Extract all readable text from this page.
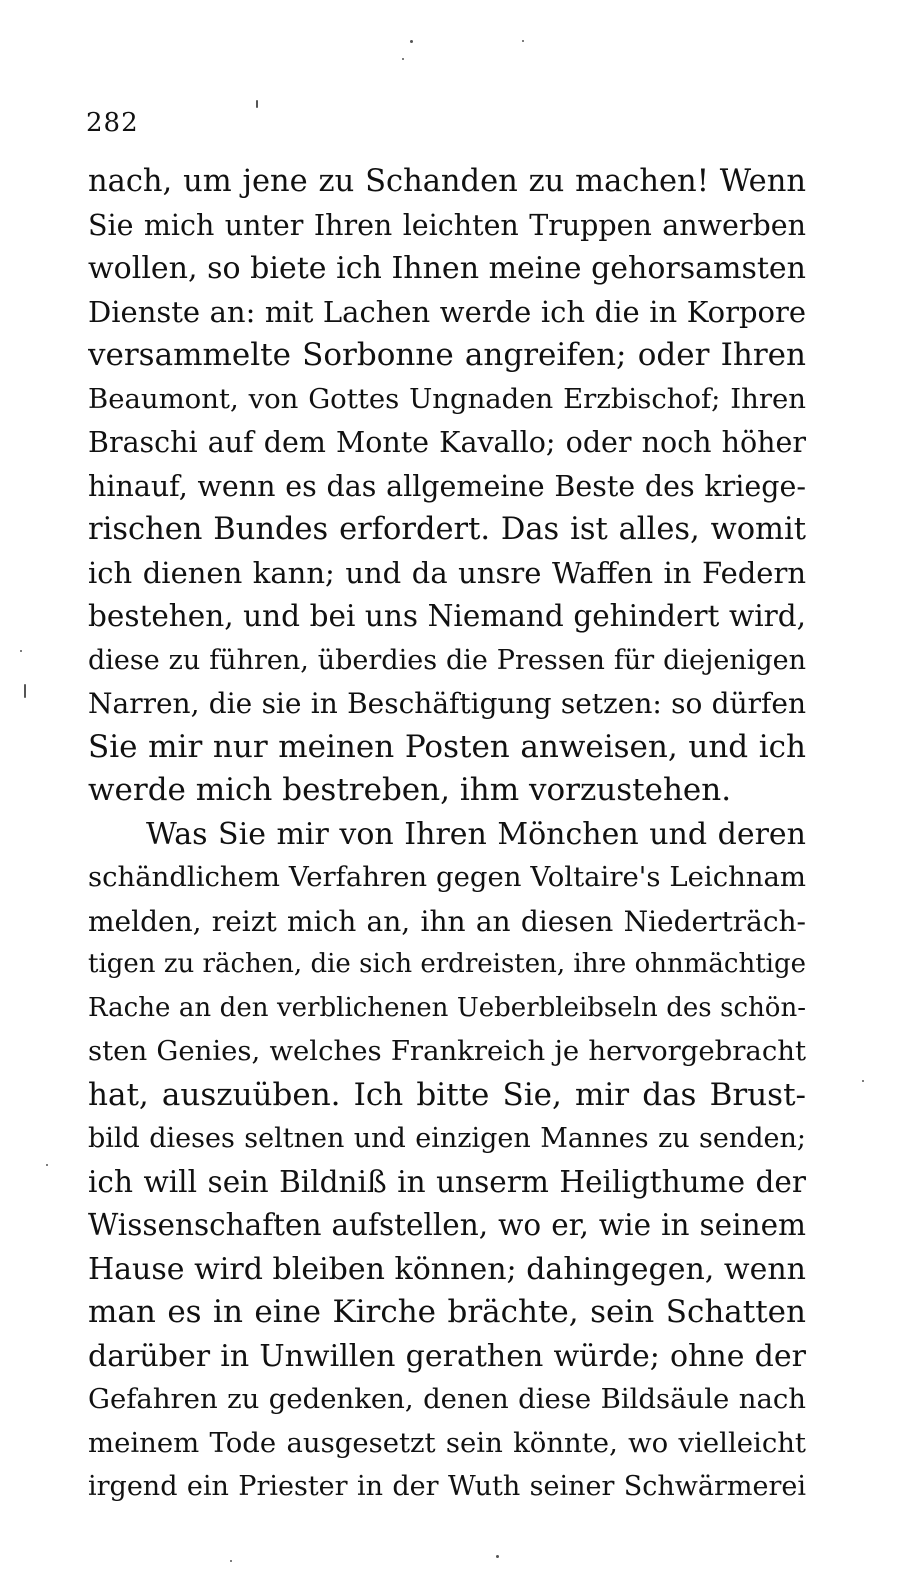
282
nach, um jene zu Schanden zu machen! Wenn
Sie mich unter Ihren leichten Truppen anwerben
wollen, so biete ich Ihnen meine gehorsamsten
Dienste an: mit Lachen werde ich die in Korpore
versammelte Sorbonne angreifen; oder Ihren
Beaumont, von Gottes Ungnaden Erzbischof; Ihren
Braschi auf dem Monte Kavallo; oder noch höher
hinauf, wenn es das allgemeine Beste des kriege-
rischen Bundes erfordert. Das ist alles, womit
ich dienen kann; und da unsre Waffen in Federn
bestehen, und bei uns Niemand gehindert wird,
diese zu führen, überdies die Pressen für diejenigen
Narren, die sie in Beschäftigung setzen: so dürfen
Sie mir nur meinen Posten anweisen, und ich
werde mich bestreben, ihm vorzustehen.
Was Sie mir von Ihren Mönchen und deren
schändlichem Verfahren gegen Voltaire's Leichnam
melden, reizt mich an, ihn an diesen Niederträch-
tigen zu rächen, die sich erdreisten, ihre ohnmächtige
Rache an den verblichenen Ueberbleibseln des schön-
sten Genies, welches Frankreich je hervorgebracht
hat, auszuüben. Ich bitte Sie, mir das Brust-
bild dieses seltnen und einzigen Mannes zu senden;
ich will sein Bildniß in unserm Heiligthume der
Wissenschaften aufstellen, wo er, wie in seinem
Hause wird bleiben können; dahingegen, wenn
man es in eine Kirche brächte, sein Schatten
darüber in Unwillen gerathen würde; ohne der
Gefahren zu gedenken, denen diese Bildsäule nach
meinem Tode ausgesetzt sein könnte, wo vielleicht
irgend ein Priester in der Wuth seiner Schwärmerei
